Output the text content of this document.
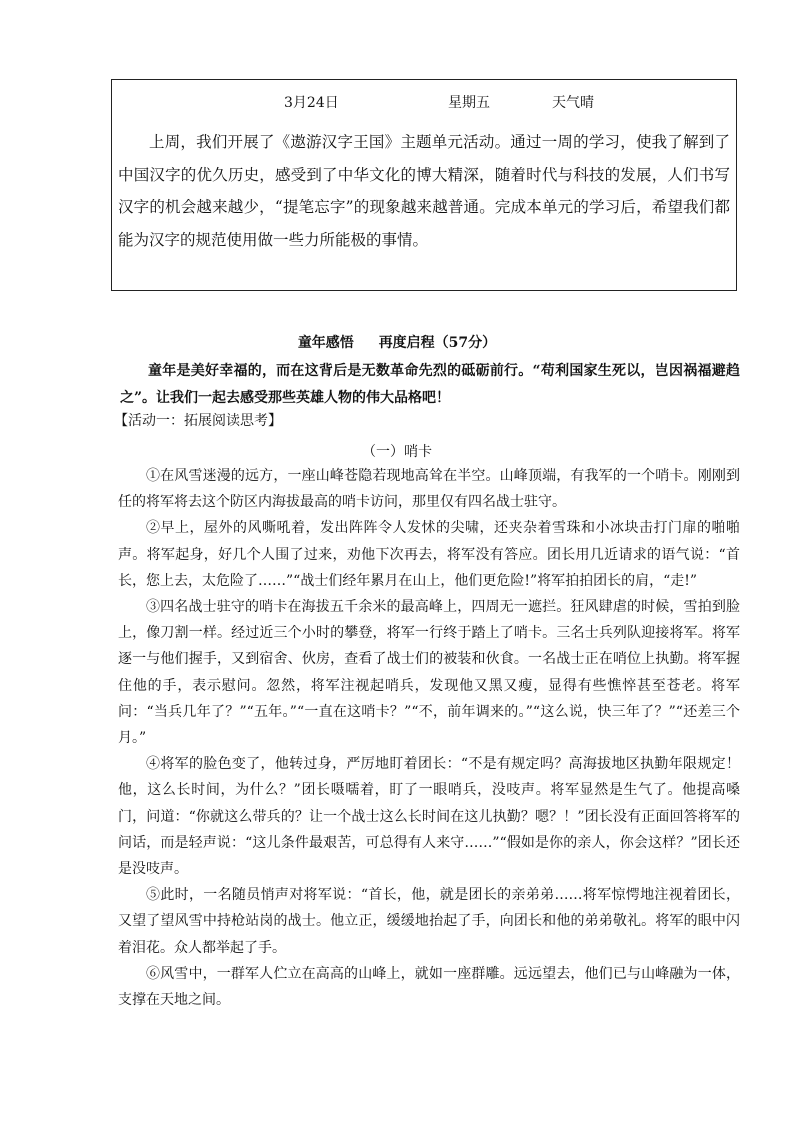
3月24日	星期五	天气晴

上周，我们开展了《遨游汉字王国》主题单元活动。通过一周的学习，使我了解到了中国汉字的优久历史，感受到了中华文化的博大精深，随着时代与科技的发展，人们书写汉字的机会越来越少，“提笔忘字”的现象越来越普通。完成本单元的学习后，希望我们都能为汉字的规范使用做一些力所能极的事情。

童年感悟 再度启程（57分）

童年是美好幸福的，而在这背后是无数革命先烈的砥砺前行。“苟利国家生死以，岂因祸福避趋之”。让我们一起去感受那些英雄人物的伟大品格吧！

【活动一：拓展阅读思考】
（一）哨卡

①在风雪迷漫的远方，一座山峰苍隐若现地高耸在半空。山峰顶端，有我军的一个哨卡。刚刚到任的将军将去这个防区内海拔最高的哨卡访问，那里仅有四名战士驻守。

②早上，屋外的风嘶吼着，发出阵阵令人发怵的尖啸，还夹杂着雪珠和小冰块击打门扉的啪啪声。将军起身，好几个人围了过来，劝他下次再去，将军没有答应。团长用几近请求的语气说：“首长，您上去，太危险了……”“战士们经年累月在山上，他们更危险!”将军拍拍团长的肩，“走!”

③四名战士驻守的哨卡在海拔五千余米的最高峰上，四周无一遮拦。狂风肆虐的时候，雪拍到脸上，像刀割一样。经过近三个小时的攀登，将军一行终于踏上了哨卡。三名士兵列队迎接将军。将军逐一与他们握手，又到宿舍、伙房，查看了战士们的被装和伙食。一名战士正在哨位上执勤。将军握住他的手，表示慰问。忽然，将军注视起哨兵，发现他又黑又瘦，显得有些憔悴甚至苍老。将军问：“当兵几年了？”“五年。”“一直在这哨卡？”“不，前年调来的。”“这么说，快三年了？”“还差三个月。”

④将军的脸色变了，他转过身，严厉地盯着团长：“不是有规定吗？高海拔地区执勤年限规定！他，这么长时间，为什么？”团长嗫嚅着，盯了一眼哨兵，没吱声。将军显然是生气了。他提高嗓门，问道：“你就这么带兵的？让一个战士这么长时间在这儿执勤？嗯？！”团长没有正面回答将军的问话，而是轻声说：“这儿条件最艰苦，可总得有人来守……”“假如是你的亲人，你会这样？”团长还是没吱声。

⑤此时，一名随员悄声对将军说：“首长，他，就是团长的亲弟弟……将军惊愕地注视着团长，又望了望风雪中持枪站岗的战士。他立正，缓缓地抬起了手，向团长和他的弟弟敬礼。将军的眼中闪着泪花。众人都举起了手。

⑥风雪中，一群军人伫立在高高的山峰上，就如一座群雕。远远望去，他们已与山峰融为一体，支撑在天地之间。
